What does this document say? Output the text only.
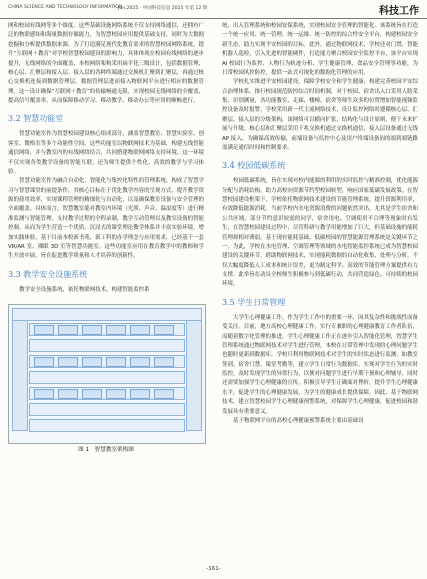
CHINA SCIENCE AND TECHNOLOGY INFORMATION
Jun.2025 · 中国科技信息 2025 年第 12 期	科技工作

网和校园有线网等多个维度。这些基础设施网络系统不仅支持网络通信，还拥有广泛的物联感知和海量数据存储能力，为智慧校园应用提供基础支持，同时为大数据挖掘和分析提供数据来源。为了打造满足现代化教育需求的智慧校园网络系统，提升“互联网＋教育”对学校智慧校园建设的影响力，具体体现在校园有线网络的逐步提升，无线网络的全面覆盖，本校网络架构采用扁平化三级设计，包括数据管理、核心层、汇聚层和接入层。接入层的各种终端通过交换机汇聚到汇聚层，再通过核心交换机连接到数据管理层，数据管理层进而接入物联网平台进行相应的数据管理。这一设计确保“互联网＋教育”的传输畅通无阻，实现校园无线网络的全覆盖，提高信号覆盖率，从而保障移动学习、移动教学、移动办公等应用的顺畅进行。

3.2 智慧功能室

智慧功能室作为智慧校园建设核心组成部分，涵盖智慧教室、智慧实验室、创客室、微格室等多个功能性空间。这些功能室以物联网技术为基础，构建无线智能通信网络，并与教室内的有线网络结合，共同搭建物联网网络支持环境。这一环境不仅实现各类教学设备的智能互联，还为师生提供个性化、高效的教学与学习体验。

智慧功能室作为融合自动化、智能化与集控化特性的管理系统，构成了智慧学习与智慧课堂的前提条件，其核心目标在于优化教学内容的呈现方式，提升教学资源的使用效率，实现课程管理的精细化与自动化，以及确保教室设备与安全管理的全面覆盖。具体而言，智慧教室能对教室内环境（光照、声音、温湿度等）进行精准监测与智能管理，支持教学过程的全程录制，教学互动管理以及教室设备的智能控制。从而为学生营造一个优质、沉浸式的课堂理论教学体系并丰富实验环境，增加实践体验，基于目前本校新书苑、新工科的办学理念与应用需求，已经基于一套 VR/AR 室、裸眼 3D 室等智慧功能室。这些功能室应用在教育教学中的教师和学生开放中展，旨在促进教学质量和人才培养的创新性。

3.3 教学安全设施系统

教学安全设施系统，依托物联网技术，构建智能监控系

图 1　智慧教室架构图

统、出入管理系统和校园安保系统，实现校园安全管理的智能化。该系统旨在打造一个统一应用、统一管理、统一运维、统一防控的综合性安全平台，构建校园安全新生态，助力实现平安校园的目标。此外，通过物联网技术，学校还对门禁、智能机器人巡检，引入先进的智能硬件，打造能力聚合校园安全监控平台，该平台实现 AI 校园行为监控、人物行为轨迹分析、学生健康管理、食品安全管理等功能，为日常校园风控防控，提供一站式可视化的数据化管理的应用。

学校扎实推进平安校园建设，保障学校安全和学生健康，构建完善校园平安综合治理体系，推行校园规范防控综合时间机制，对于校园、宿舍出入口采用人脸采集、识别测量，各功能教室、走廊、楼梯、宿舍等师生众多的位置增加智能视频监控设备及时报警，学校采用新一代主流网络技术，设计监控网络时遵循核心层、汇聚层、接入层的分级架构，该网络可以横向扩张，结构化与设计原则，便于未来扩展与升级。核心层和汇聚层采用千兆交换机通过交换机通信，接入层设备通过无线 AP 接入，为确保高效传输，前端设备与监控中心及用户终端设备间的端到端链路需满足通信时间和控制要求。

3.4 校园低碳系统

校园低碳系统，旨在实现对校内能源的利用的实时监控与精准控制，优化能源分配与消耗结构，助力高校向资源节约型校园转型，响应国家低碳发展政策。在智慧校园建设框架下，学校依托物联网技术建设的节能管理系统，提升资源利用率，有效降低能源消耗。当前学校内水电资源浪费的问题依然突出，尤其是学生宿舍和公共区域，部分节约意识较弱的同学，宿舍用电、空调使用不合理等现象时有发生，在智慧校园建设过程中，尽管科研与教学用能增加了巨大，但基础设施的能耗管理却相对薄弱。基于现有能耗基础，低碳校园的智慧能源管理系统是关键环节之一，为此，学校在水电管理、空调管理等领域的水电智能监控系统已成为智慧校园建设的关键环节。借助物联网技术，实现能耗数据的自动化收集、处理与分析，不仅大幅度降低人工成本和统计误差，更为制定科学、高效的节能管理方案提供有力支撑。此举旨在动员全校师生积极参与到低碳行动，共同营造绿色、可持续的校园环境。

3.5 学生日常管理

大学生心理健康工作，作为学生工作中的重要一环，因其复杂性和挑战性而备受关注。目前，地方高校心理健康工作，实行专兼职的心理健康教育工作者队伍，而随着数字化管理的推进，学生心理健康工作正在逐步引入智能化管理，智慧学生管理系统通过物联网技术对学生进行管理，本校在日常管理中发现的心理问题学生也随时更新到数据库。学校只利用物联网技术对学生的实时状态进行监测，如教室签到、宿舍门禁、课堂考勤等，建立学生日常行为数据库，实现对学生行为的实时监控，及时发现学生的异常行为，以便对问题学生进行早期干预和心理辅导。同时还需要加强学生心理健康的宣传，积极引导学生正确面对挫折，提升学生心理健康水平，促进学生的心理健康发展，为学生的健康成长提供保障。因此，基于物联网技术，建立智慧校园学生心理健康预警系统，对保障学生心理健康，促进校园和谐发展具有重要意义。

基于物联网平台的高校心理健康预警系统主要由基础设

-161-
